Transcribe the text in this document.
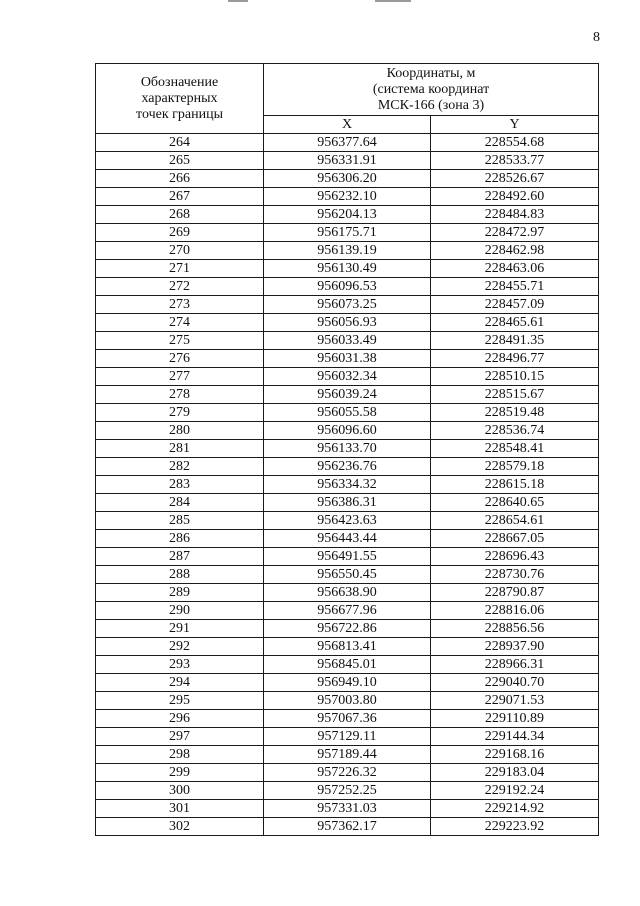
8
Обозначение
характерных
точек границы	Координаты, м
(система координат
МСК-166 (зона 3)	

	X	Y
264	956377.64	228554.68
265	956331.91	228533.77
266	956306.20	228526.67
267	956232.10	228492.60
268	956204.13	228484.83
269	956175.71	228472.97
270	956139.19	228462.98
271	956130.49	228463.06
272	956096.53	228455.71
273	956073.25	228457.09
274	956056.93	228465.61
275	956033.49	228491.35
276	956031.38	228496.77
277	956032.34	228510.15
278	956039.24	228515.67
279	956055.58	228519.48
280	956096.60	228536.74
281	956133.70	228548.41
282	956236.76	228579.18
283	956334.32	228615.18
284	956386.31	228640.65
285	956423.63	228654.61
286	956443.44	228667.05
287	956491.55	228696.43
288	956550.45	228730.76
289	956638.90	228790.87
290	956677.96	228816.06
291	956722.86	228856.56
292	956813.41	228937.90
293	956845.01	228966.31
294	956949.10	229040.70
295	957003.80	229071.53
296	957067.36	229110.89
297	957129.11	229144.34
298	957189.44	229168.16
299	957226.32	229183.04
300	957252.25	229192.24
301	957331.03	229214.92
302	957362.17	229223.92
